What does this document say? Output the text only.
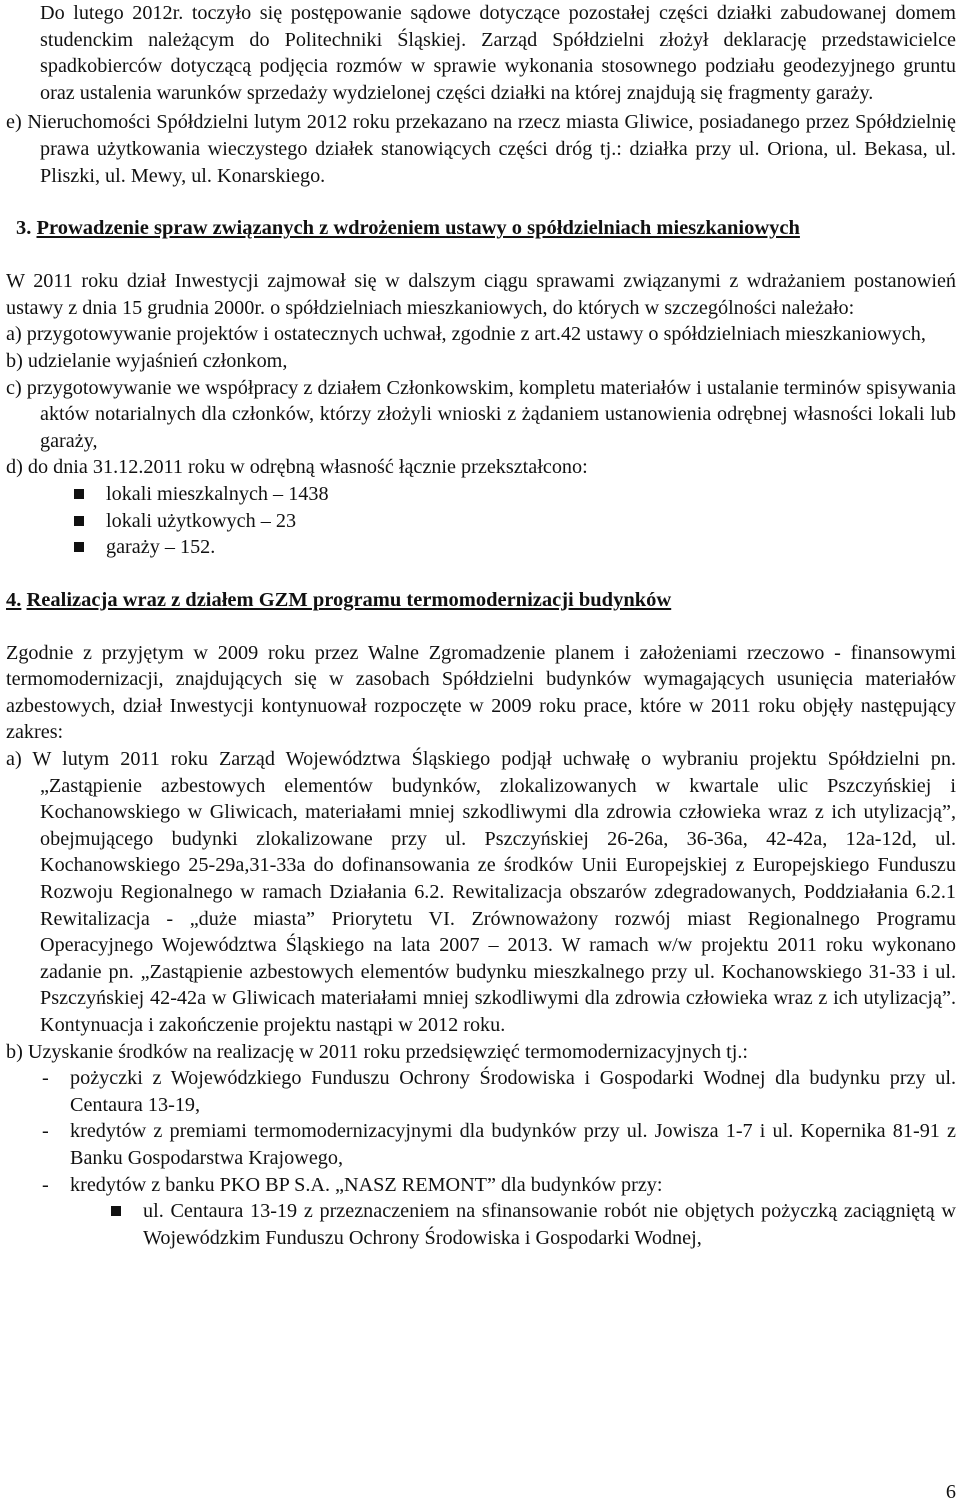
Do lutego 2012r. toczyło się postępowanie sądowe dotyczące pozostałej części działki zabudowanej domem studenckim należącym do Politechniki Śląskiej. Zarząd Spółdzielni złożył deklarację przedstawicielce spadkobierców dotyczącą podjęcia rozmów w sprawie wykonania stosownego podziału geodezyjnego gruntu oraz ustalenia warunków sprzedaży wydzielonej części działki na której znajdują się fragmenty garaży.

e) Nieruchomości Spółdzielni lutym 2012 roku przekazano na rzecz miasta Gliwice, posiadanego przez Spółdzielnię prawa użytkowania wieczystego działek stanowiących części dróg tj.: działka przy ul. Oriona, ul. Bekasa, ul. Pliszki, ul. Mewy, ul. Konarskiego.

3. Prowadzenie spraw związanych z wdrożeniem ustawy o spółdzielniach mieszkaniowych

W 2011 roku dział Inwestycji zajmował się w dalszym ciągu sprawami związanymi z wdrażaniem postanowień ustawy z dnia 15 grudnia 2000r. o spółdzielniach mieszkaniowych, do których w szczególności należało:

a) przygotowywanie projektów i ostatecznych uchwał, zgodnie z art.42 ustawy o spółdzielniach mieszkaniowych,

b) udzielanie wyjaśnień członkom,

c) przygotowywanie we współpracy z działem Członkowskim, kompletu materiałów i ustalanie terminów spisywania aktów notarialnych dla członków, którzy złożyli wnioski z żądaniem ustanowienia odrębnej własności lokali lub garaży,

d) do dnia 31.12.2011 roku w odrębną własność łącznie przekształcono:

lokali mieszkalnych – 1438

lokali użytkowych – 23

garaży – 152.

4. Realizacja wraz z działem GZM programu termomodernizacji budynków

Zgodnie z przyjętym w 2009 roku przez Walne Zgromadzenie planem i założeniami rzeczowo - finansowymi termomodernizacji, znajdujących się w zasobach Spółdzielni budynków wymagających usunięcia materiałów azbestowych, dział Inwestycji kontynuował rozpoczęte w 2009 roku prace, które w 2011 roku objęły następujący zakres:

a) W lutym 2011 roku Zarząd Województwa Śląskiego podjął uchwałę o wybraniu projektu Spółdzielni pn. „Zastąpienie azbestowych elementów budynków, zlokalizowanych w kwartale ulic Pszczyńskiej i Kochanowskiego w Gliwicach, materiałami mniej szkodliwymi dla zdrowia człowieka wraz z ich utylizacją”, obejmującego budynki zlokalizowane przy ul. Pszczyńskiej 26-26a, 36-36a, 42-42a, 12a-12d, ul. Kochanowskiego 25-29a,31-33a do dofinansowania ze środków Unii Europejskiej z Europejskiego Funduszu Rozwoju Regionalnego w ramach Działania 6.2. Rewitalizacja obszarów zdegradowanych, Poddziałania 6.2.1 Rewitalizacja - „duże miasta” Priorytetu VI. Zrównoważony rozwój miast Regionalnego Programu Operacyjnego Województwa Śląskiego na lata 2007 – 2013. W ramach w/w projektu 2011 roku wykonano zadanie pn. „Zastąpienie azbestowych elementów budynku mieszkalnego przy ul. Kochanowskiego 31-33 i ul. Pszczyńskiej 42-42a w Gliwicach materiałami mniej szkodliwymi dla zdrowia człowieka wraz z ich utylizacją”. Kontynuacja i zakończenie projektu nastąpi w 2012 roku.

b) Uzyskanie środków na realizację w 2011 roku przedsięwzięć termomodernizacyjnych tj.:

- pożyczki z Wojewódzkiego Funduszu Ochrony Środowiska i Gospodarki Wodnej dla budynku przy ul. Centaura 13-19,

- kredytów z premiami termomodernizacyjnymi dla budynków przy ul. Jowisza 1-7 i ul. Kopernika 81-91 z Banku Gospodarstwa Krajowego,

- kredytów z banku PKO BP S.A. „NASZ REMONT” dla budynków przy:

ul. Centaura 13-19 z przeznaczeniem na sfinansowanie robót nie objętych pożyczką zaciągniętą w Wojewódzkim Funduszu Ochrony Środowiska i Gospodarki Wodnej,

6
